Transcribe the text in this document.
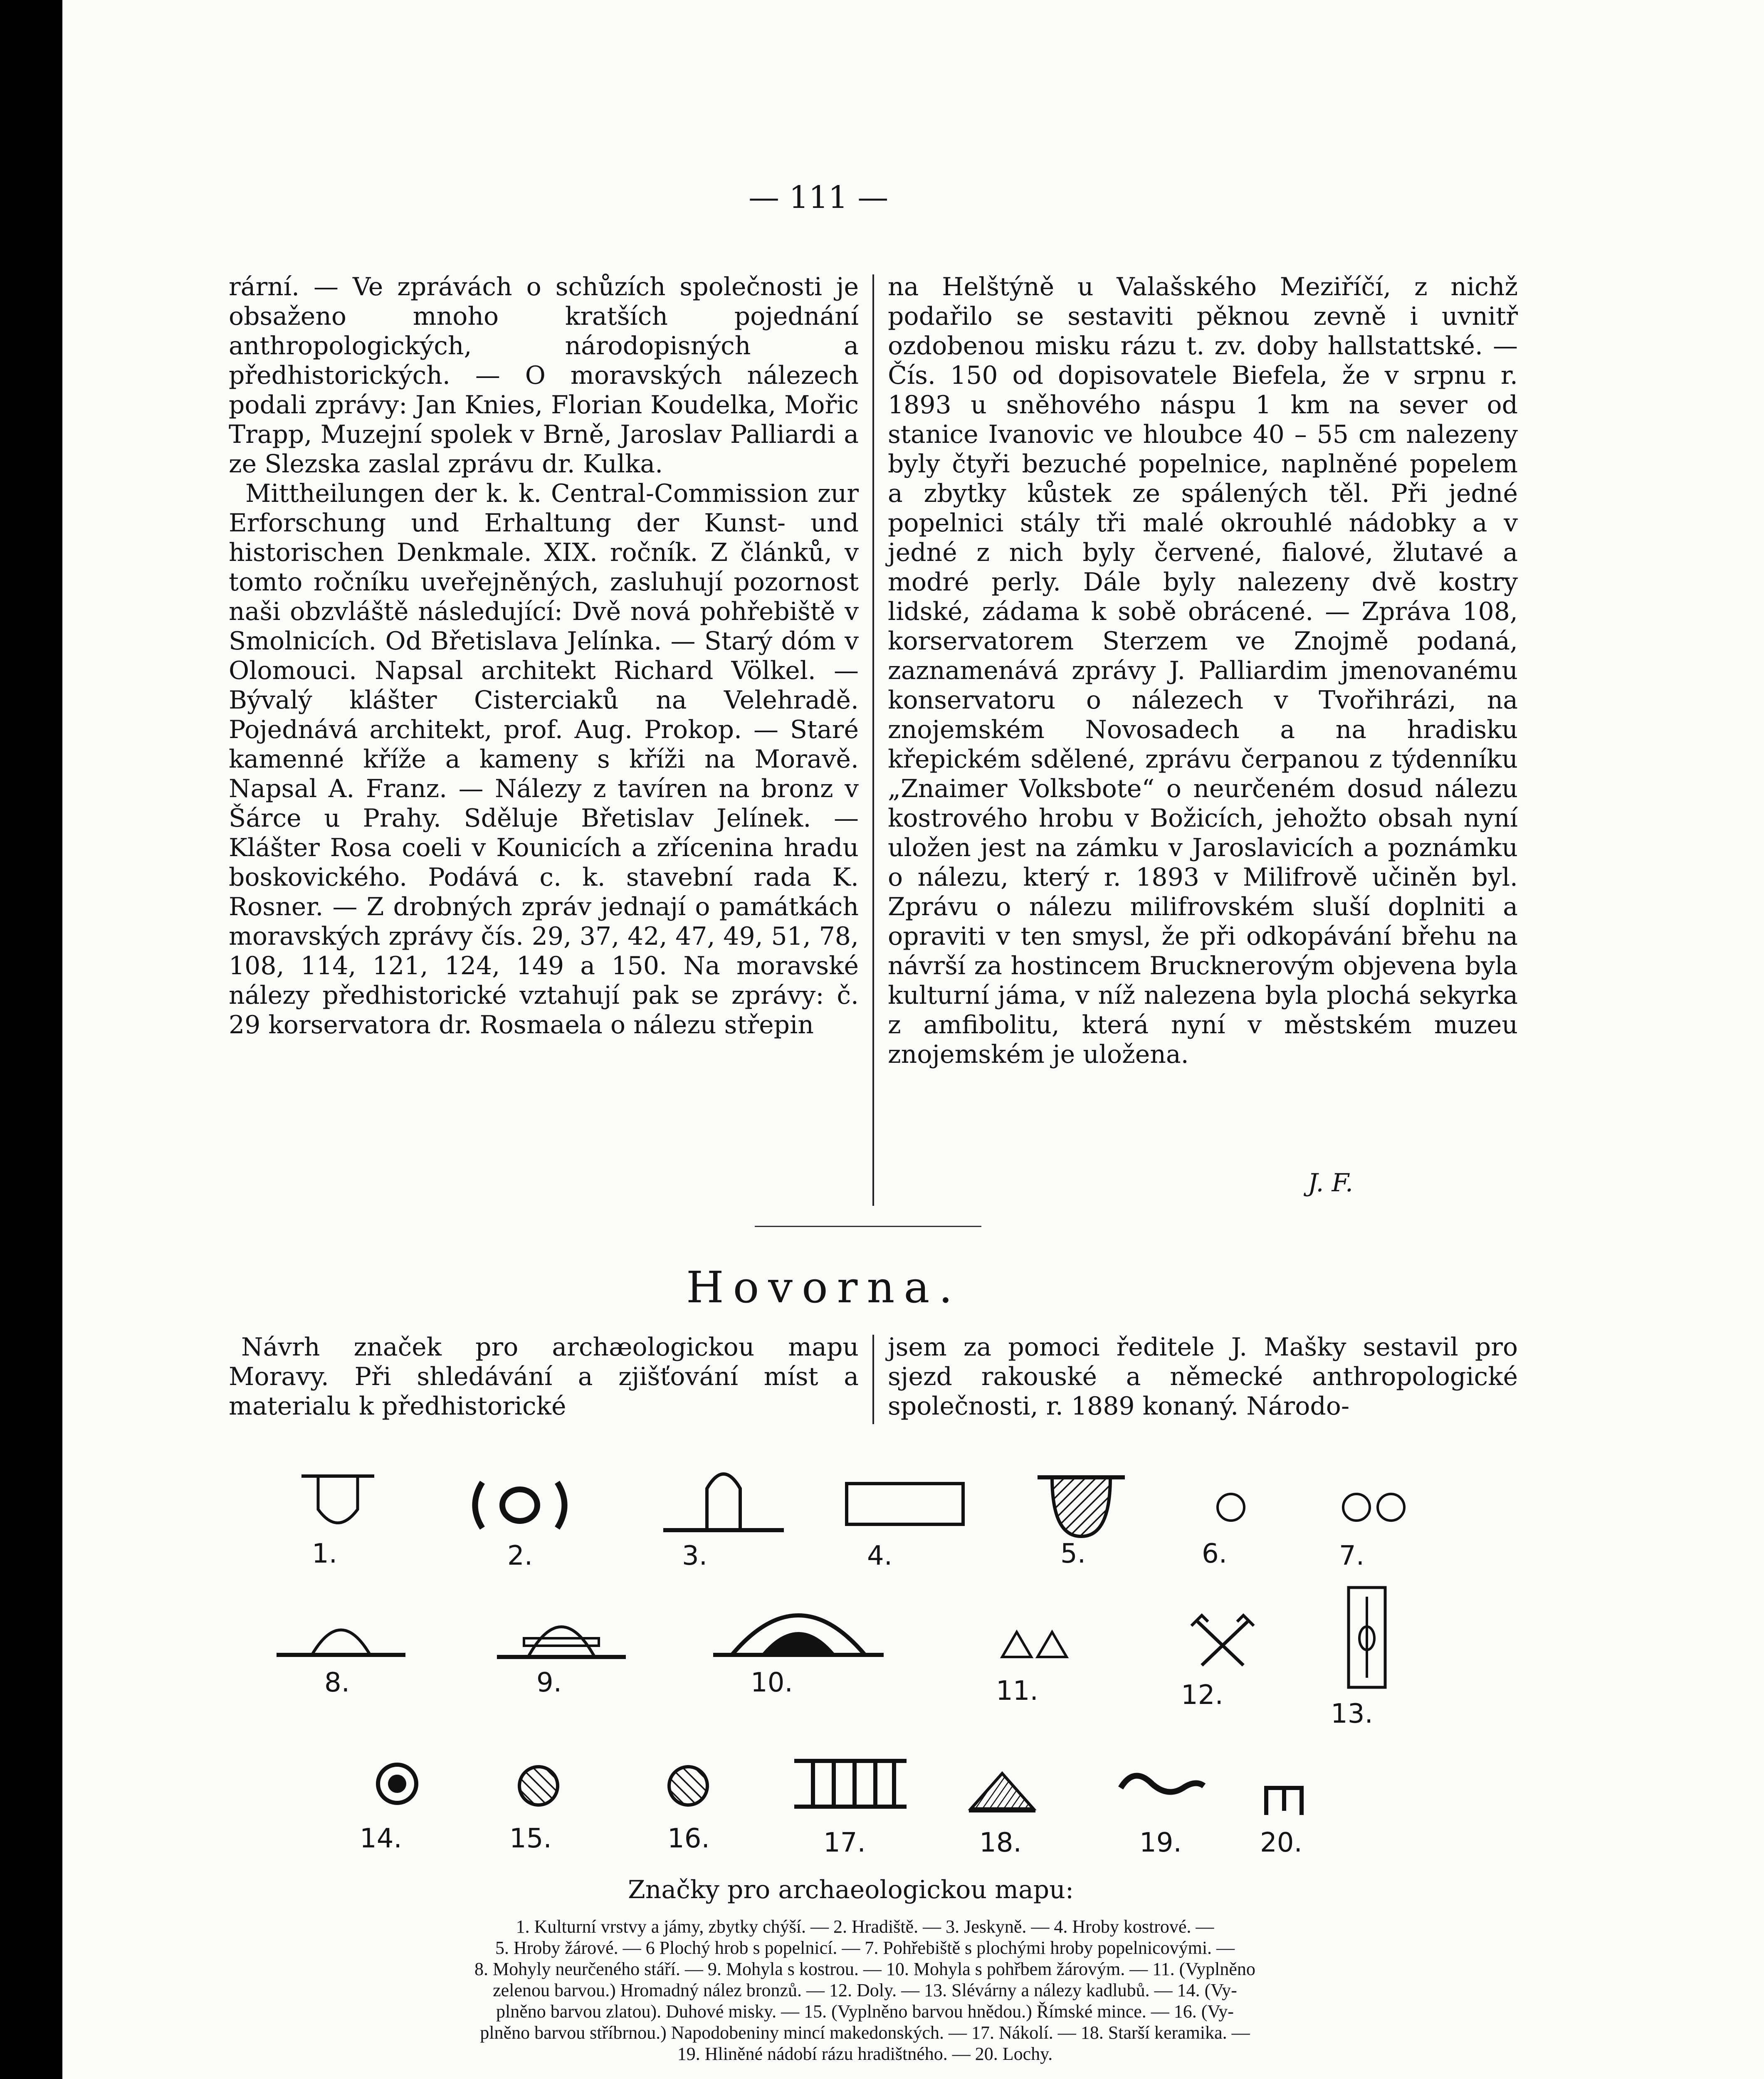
— 111 —

rární. — Ve zprávách o schůzích společnosti je obsaženo mnoho kratších pojednání anthropologických, národopisných a předhistorických. — O moravských nálezech podali zprávy: Jan Knies, Florian Koudelka, Mořic Trapp, Muzejní spolek v Brně, Jaroslav Palliardi a ze Slezska zaslal zprávu dr. Kulka.

Mittheilungen der k. k. Central-Commission zur Erforschung und Erhaltung der Kunst- und historischen Denkmale. XIX. ročník. Z článků, v tomto ročníku uveřejněných, zasluhují pozornost naši obzvláště následující: Dvě nová pohřebiště v Smolnicích. Od Břetislava Jelínka. — Starý dóm v Olomouci. Napsal architekt Richard Völkel. — Bývalý klášter Cisterciaků na Velehradě. Pojednává architekt, prof. Aug. Prokop. — Staré kamenné kříže a kameny s kříži na Moravě. Napsal A. Franz. — Nálezy z tavíren na bronz v Šárce u Prahy. Sděluje Břetislav Jelínek. — Klášter Rosa coeli v Kounicích a zřícenina hradu boskovického. Podává c. k. stavební rada K. Rosner. — Z drobných zpráv jednají o památkách moravských zprávy čís. 29, 37, 42, 47, 49, 51, 78, 108, 114, 121, 124, 149 a 150. Na moravské nálezy předhistorické vztahují pak se zprávy: č. 29 korservatora dr. Rosmaela o nálezu střepin

na Helštýně u Valašského Meziříčí, z nichž podařilo se sestaviti pěknou zevně i uvnitř ozdobenou misku rázu t. zv. doby hallstattské. — Čís. 150 od dopisovatele Biefela, že v srpnu r. 1893 u sněhového náspu 1 km na sever od stanice Ivanovic ve hloubce 40 – 55 cm nalezeny byly čtyři bezuché popelnice, naplněné popelem a zbytky kůstek ze spálených těl. Při jedné popelnici stály tři malé okrouhlé nádobky a v jedné z nich byly červené, fialové, žlutavé a modré perly. Dále byly nalezeny dvě kostry lidské, zádama k sobě obrácené. — Zpráva 108, korservatorem Sterzem ve Znojmě podaná, zaznamenává zprávy J. Palliardim jmenovanému konservatoru o nálezech v Tvořihrázi, na znojemském Novosadech a na hradisku křepickém sdělené, zprávu čerpanou z týdenníku „Znaimer Volksbote“ o neurčeném dosud nálezu kostrového hrobu v Božicích, jehožto obsah nyní uložen jest na zámku v Jaroslavicích a poznámku o nálezu, který r. 1893 v Milifrově učiněn byl. Zprávu o nálezu milifrovském sluší doplniti a opraviti v ten smysl, že při odkopávání břehu na návrší za hostincem Brucknerovým objevena byla kulturní jáma, v níž nalezena byla plochá sekyrka z amfibolitu, která nyní v městském muzeu znojemském je uložena.

J. F.
Hovorna.
Návrh značek pro archæologickou mapu Moravy. Při shledávání a zjišťování míst a materialu k předhistorické
jsem za pomoci ředitele J. Mašky sestavil pro sjezd rakouské a německé anthropologické společnosti, r. 1889 konaný. Národo-
1.	2.	3.	4.	5.	6.	7.
8.	9.	10.	11.	12.
13.
14.	15.	16.	17.	18.	19.	20.
Značky pro archaeologickou mapu:
1. Kulturní vrstvy a jámy, zbytky chýší. — 2. Hradiště. — 3. Jeskyně. — 4. Hroby kostrové. —
5. Hroby žárové. — 6 Plochý hrob s popelnicí. — 7. Pohřebiště s plochými hroby popelnicovými. —
8. Mohyly neurčeného stáří. — 9. Mohyla s kostrou. — 10. Mohyla s pohřbem žárovým. — 11. (Vyplněno
zelenou barvou.) Hromadný nález bronzů. — 12. Doly. — 13. Slévárny a nálezy kadlubů. — 14. (Vy-
plněno barvou zlatou). Duhové misky. — 15. (Vyplněno barvou hnědou.) Římské mince. — 16. (Vy-
plněno barvou stříbrnou.) Napodobeniny mincí makedonských. — 17. Nákolí. — 18. Starší keramika. —
19. Hliněné nádobí rázu hradištného. — 20. Lochy.
